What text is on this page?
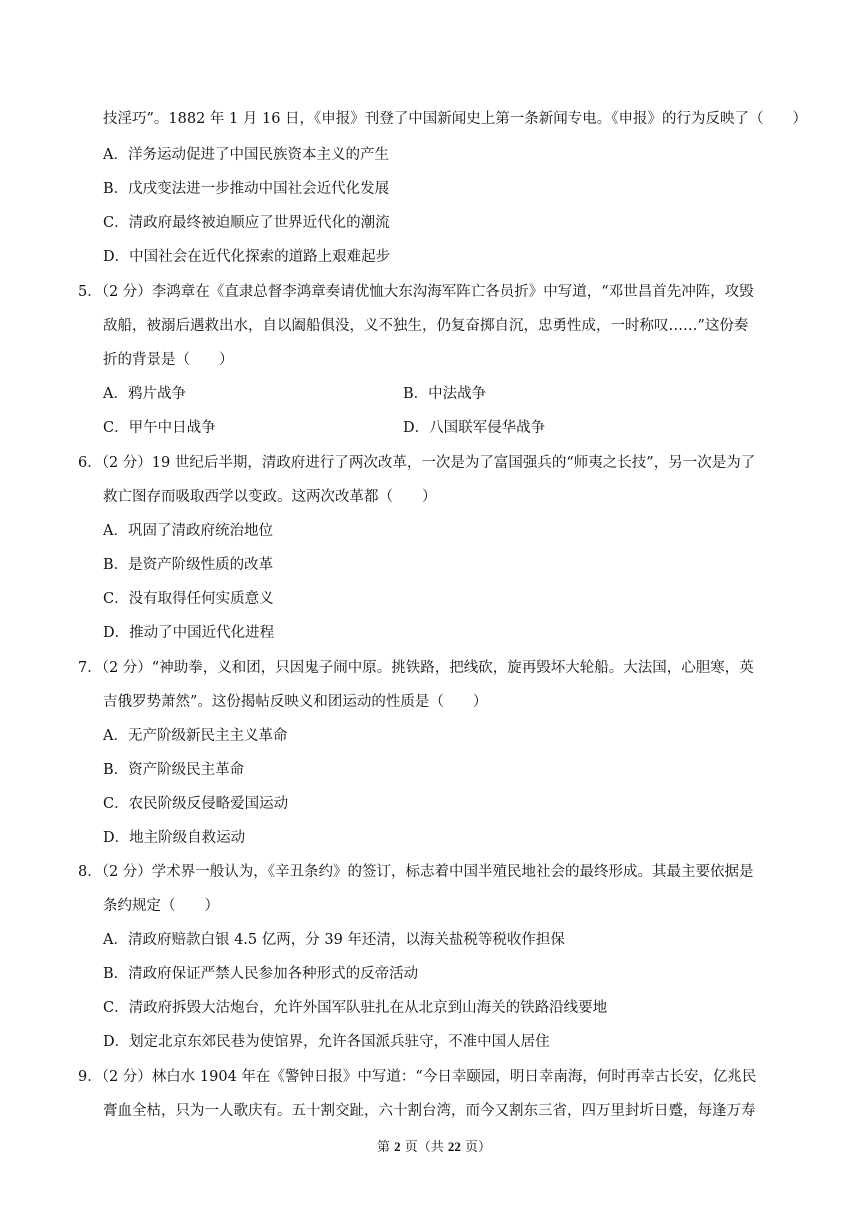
技淫巧”。1882 年 1 月 16 日，《申报》刊登了中国新闻史上第一条新闻专电。《申报》的行为反映了（　　）
A．洋务运动促进了中国民族资本主义的产生
B．戊戌变法进一步推动中国社会近代化发展
C．清政府最终被迫顺应了世界近代化的潮流
D．中国社会在近代化探索的道路上艰难起步
5．（2 分）李鸿章在《直隶总督李鸿章奏请优恤大东沟海军阵亡各员折》中写道，“邓世昌首先冲阵，攻毁
敌船，被溺后遇救出水，自以阖船俱没，义不独生，仍复奋掷自沉，忠勇性成，一时称叹……”这份奏
折的背景是（　　）
A．鸦片战争	B．中法战争
C．甲午中日战争	D．八国联军侵华战争
6．（2 分）19 世纪后半期，清政府进行了两次改革，一次是为了富国强兵的“师夷之长技”，另一次是为了
救亡图存而吸取西学以变政。这两次改革都（　　）
A．巩固了清政府统治地位
B．是资产阶级性质的改革
C．没有取得任何实质意义
D．推动了中国近代化进程
7．（2 分）“神助拳，义和团，只因鬼子闹中原。挑铁路，把线砍，旋再毁坏大轮船。大法国，心胆寒，英
吉俄罗势萧然”。这份揭帖反映义和团运动的性质是（　　）
A．无产阶级新民主主义革命
B．资产阶级民主革命
C．农民阶级反侵略爱国运动
D．地主阶级自救运动
8．（2 分）学术界一般认为，《辛丑条约》的签订，标志着中国半殖民地社会的最终形成。其最主要依据是
条约规定（　　）
A．清政府赔款白银 4.5 亿两，分 39 年还清，以海关盐税等税收作担保
B．清政府保证严禁人民参加各种形式的反帝活动
C．清政府拆毁大沽炮台，允许外国军队驻扎在从北京到山海关的铁路沿线要地
D．划定北京东郊民巷为使馆界，允许各国派兵驻守，不准中国人居住
9．（2 分）林白水 1904 年在《警钟日报》中写道：“今日幸颐园，明日幸南海，何时再幸古长安，亿兆民
膏血全枯，只为一人歌庆有。五十割交趾，六十割台湾，而今又割东三省，四万里封圻日蹙，每逢万寿
第 2 页（共 22 页）
